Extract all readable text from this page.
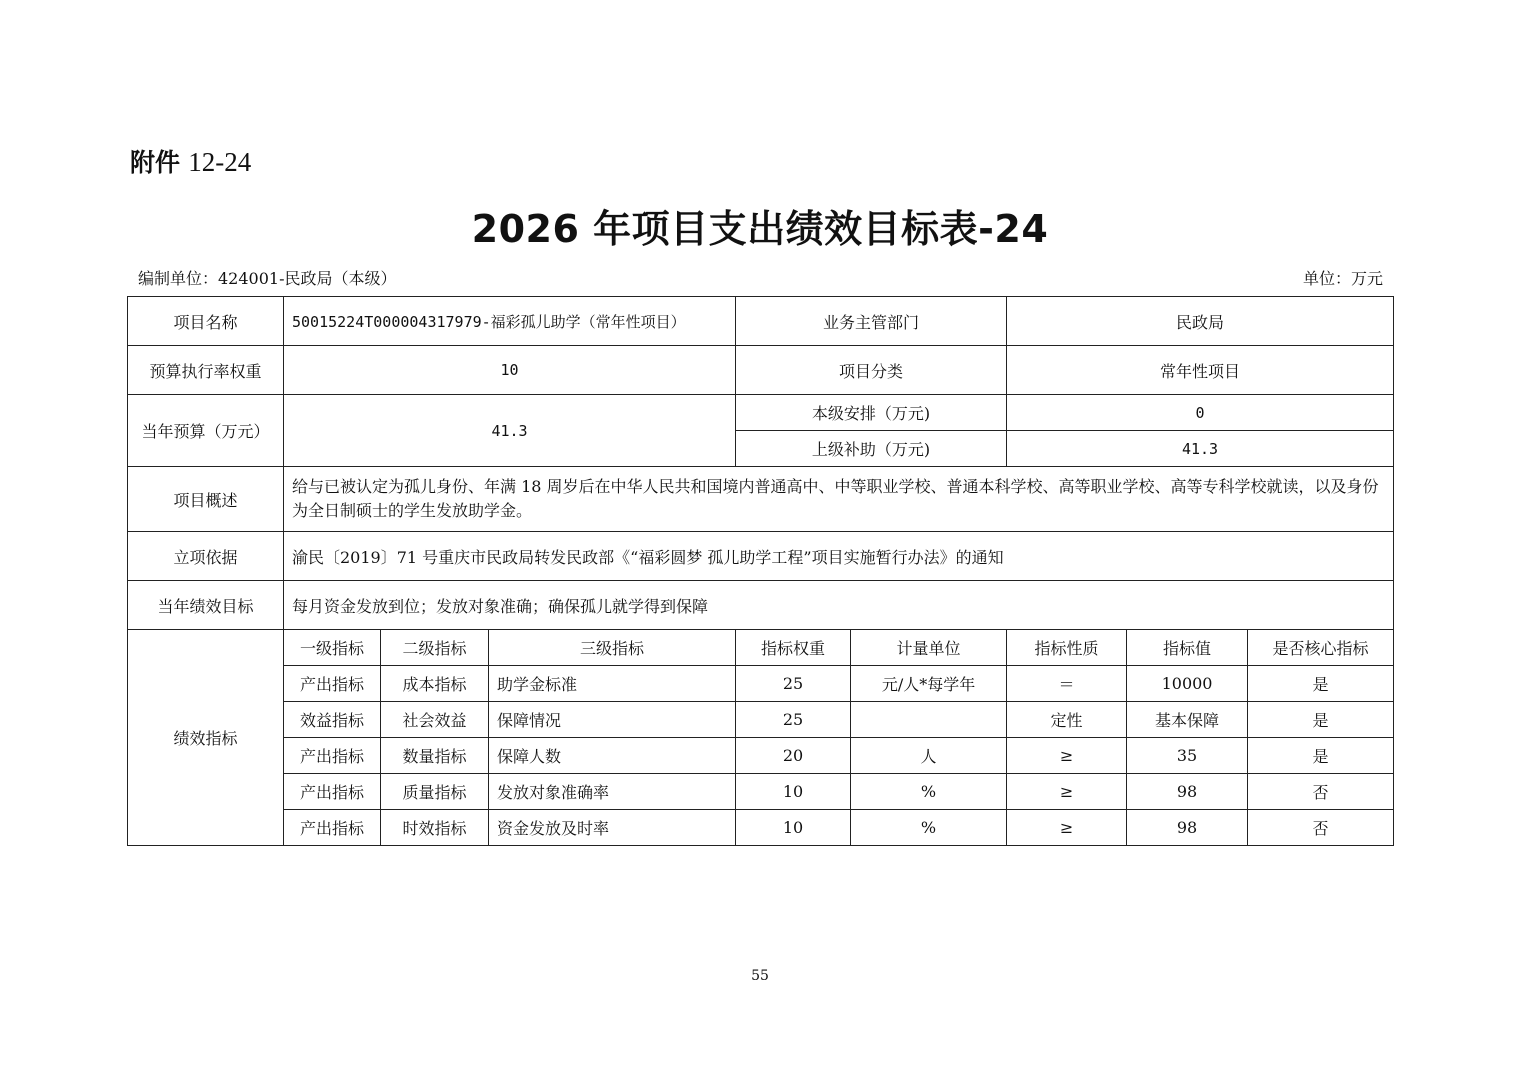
附件 12-24
2026 年项目支出绩效目标表-24
编制单位：424001-民政局（本级）	单位：万元
项目名称	50015224T000004317979-福彩孤儿助学（常年性项目）			业务主管部门		民政局		
预算执行率权重	10			项目分类		常年性项目		
当年预算（万元）	41.3			本级安排（万元)		0		
				上级补助（万元)		41.3		
项目概述	给与已被认定为孤儿身份、年满 18 周岁后在中华人民共和国境内普通高中、中等职业学校、普通本科学校、高等职业学校、高等专科学校就读，以及身份为全日制硕士的学生发放助学金。							
立项依据	渝民〔2019〕71 号重庆市民政局转发民政部《“福彩圆梦 孤儿助学工程”项目实施暂行办法》的通知							
当年绩效目标	每月资金发放到位；发放对象准确；确保孤儿就学得到保障							
绩效指标	一级指标	二级指标	三级指标	指标权重	计量单位	指标性质	指标值	是否核心指标
	产出指标	成本指标	助学金标准	25	元/人*每学年	＝	10000	是
	效益指标	社会效益	保障情况	25		定性	基本保障	是
	产出指标	数量指标	保障人数	20	人	≥	35	是
	产出指标	质量指标	发放对象准确率	10	%	≥	98	否
	产出指标	时效指标	资金发放及时率	10	%	≥	98	否
55
